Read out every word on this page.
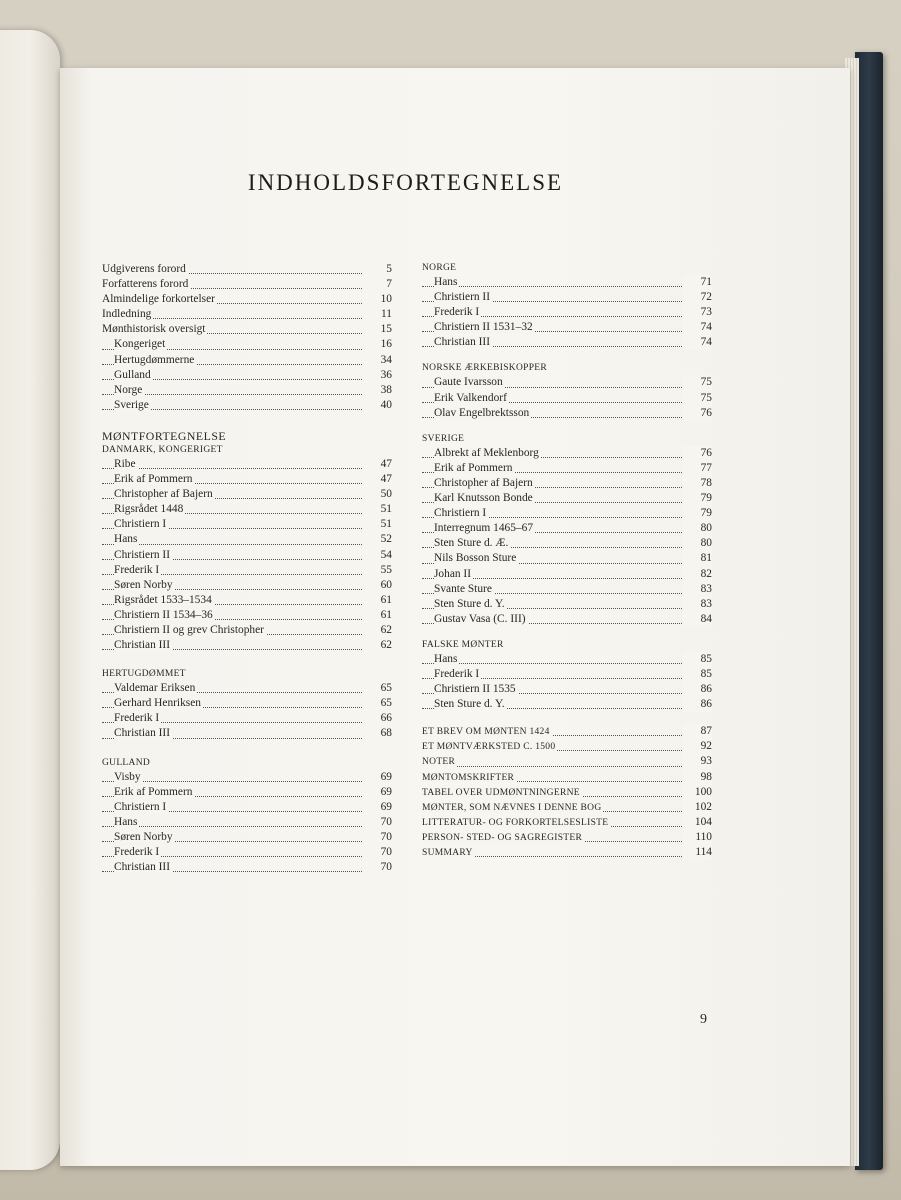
INDHOLDSFORTEGNELSE
Udgiverens forord	5
Forfatterens forord	7
Almindelige forkortelser	10
Indledning	11
Mønthistorisk oversigt	15
Kongeriget	16
Hertugdømmerne	34
Gulland	36
Norge	38
Sverige	40
MØNTFORTEGNELSE
DANMARK, KONGERIGET
Ribe	47
Erik af Pommern	47
Christopher af Bajern	50
Rigsrådet 1448	51
Christiern I	51
Hans	52
Christiern II	54
Frederik I	55
Søren Norby	60
Rigsrådet 1533–1534	61
Christiern II 1534–36	61
Christiern II og grev Christopher	62
Christian III	62
HERTUGDØMMET
Valdemar Eriksen	65
Gerhard Henriksen	65
Frederik I	66
Christian III	68
GULLAND
Visby	69
Erik af Pommern	69
Christiern I	69
Hans	70
Søren Norby	70
Frederik I	70
Christian III	70
NORGE
Hans	71
Christiern II	72
Frederik I	73
Christiern II 1531–32	74
Christian III	74
NORSKE ÆRKEBISKOPPER
Gaute Ivarsson	75
Erik Valkendorf	75
Olav Engelbrektsson	76
SVERIGE
Albrekt af Meklenborg	76
Erik af Pommern	77
Christopher af Bajern	78
Karl Knutsson Bonde	79
Christiern I	79
Interregnum 1465–67	80
Sten Sture d. Æ.	80
Nils Bosson Sture	81
Johan II	82
Svante Sture	83
Sten Sture d. Y.	83
Gustav Vasa (C. III)	84
FALSKE MØNTER
Hans	85
Frederik I	85
Christiern II 1535	86
Sten Sture d. Y.	86
ET BREV OM MØNTEN 1424	87
ET MØNTVÆRKSTED C. 1500	92
NOTER	93
MØNTOMSKRIFTER	98
TABEL OVER UDMØNTNINGERNE	100
MØNTER, SOM NÆVNES I DENNE BOG	102
LITTERATUR- OG FORKORTELSESLISTE	104
PERSON- STED- OG SAGREGISTER	110
SUMMARY	114
9
